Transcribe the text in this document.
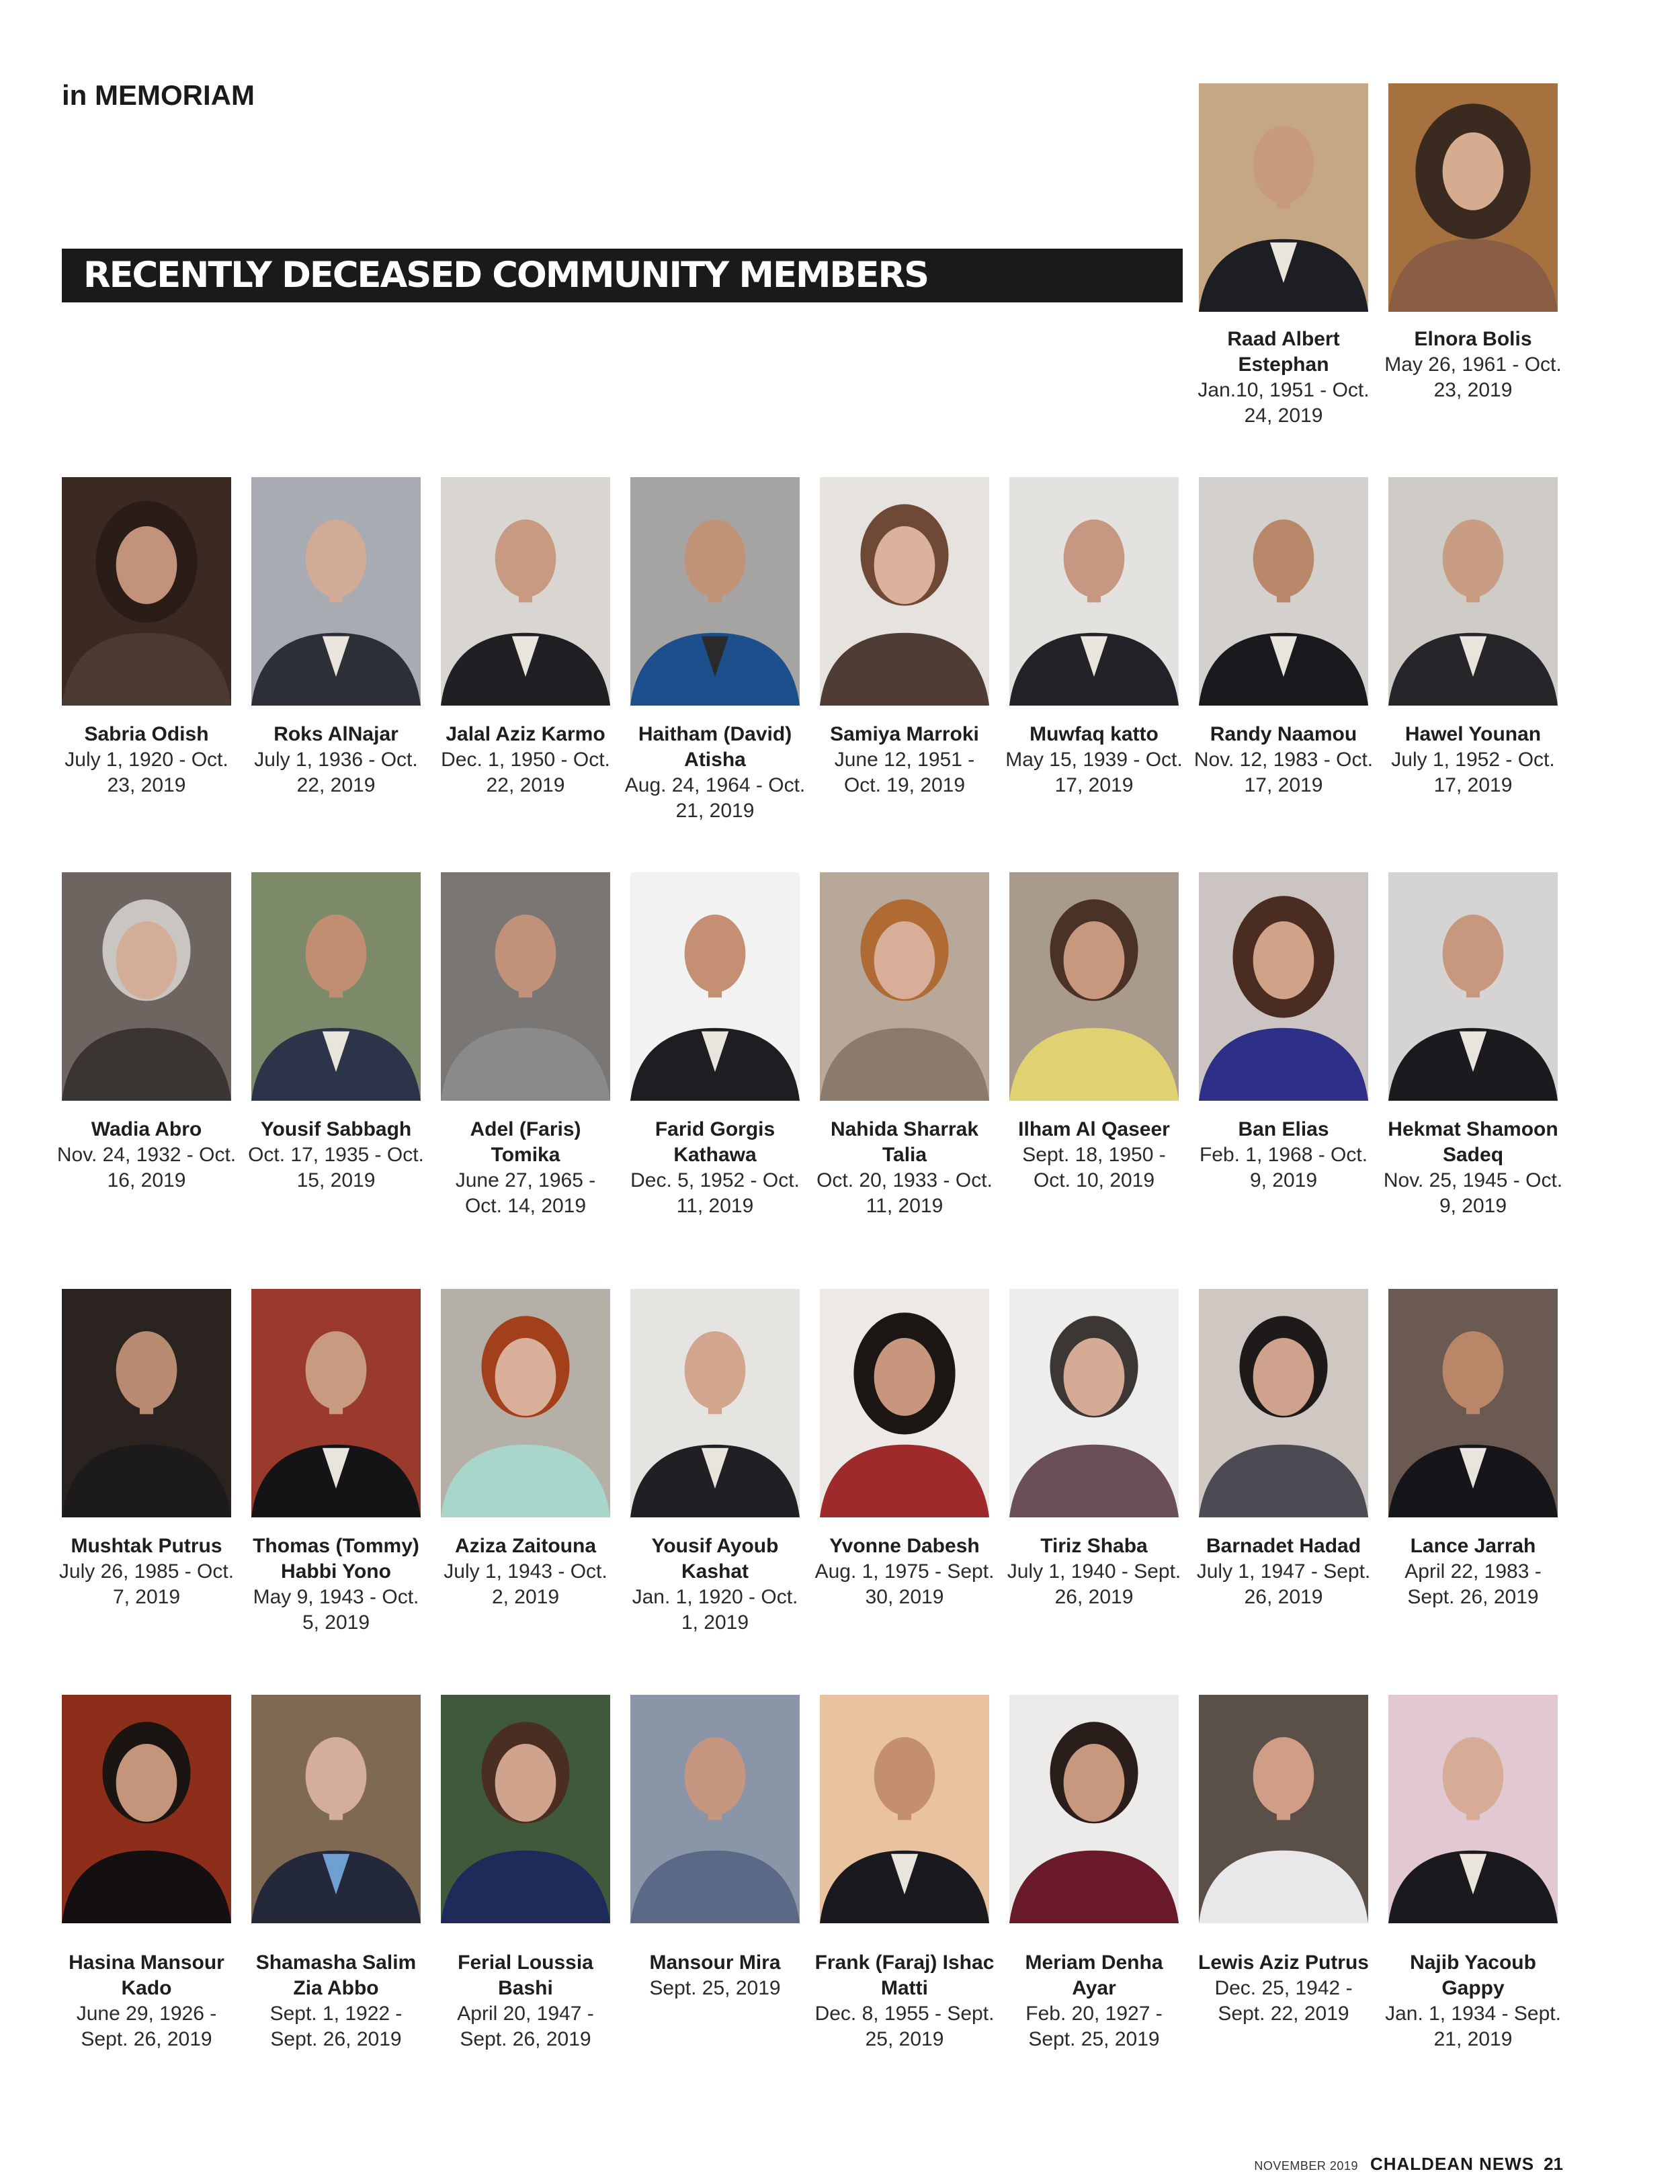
in MEMORIAM
RECENTLY DECEASED COMMUNITY MEMBERS
Raad Albert Estephan
Jan.10, 1951 - Oct. 24, 2019
Elnora Bolis
May 26, 1961 - Oct. 23, 2019
Sabria Odish
July 1, 1920 - Oct. 23, 2019
Roks AlNajar
July 1, 1936 - Oct. 22, 2019
Jalal Aziz Karmo
Dec. 1, 1950 - Oct. 22, 2019
Haitham (David) Atisha
Aug. 24, 1964 - Oct. 21, 2019
Samiya Marroki
June 12, 1951 - Oct. 19, 2019
Muwfaq katto
May 15, 1939 - Oct. 17, 2019
Randy Naamou
Nov. 12, 1983 - Oct. 17, 2019
Hawel Younan
July 1, 1952 - Oct. 17, 2019
Wadia Abro
Nov. 24, 1932 - Oct. 16, 2019
Yousif Sabbagh
Oct. 17, 1935 - Oct. 15, 2019
Adel (Faris) Tomika
June 27, 1965 - Oct. 14, 2019
Farid Gorgis Kathawa
Dec. 5, 1952 - Oct. 11, 2019
Nahida Sharrak Talia
Oct. 20, 1933 - Oct. 11, 2019
Ilham Al Qaseer
Sept. 18, 1950 - Oct. 10, 2019
Ban Elias
Feb. 1, 1968 - Oct. 9, 2019
Hekmat Shamoon Sadeq
Nov. 25, 1945 - Oct. 9, 2019
Mushtak Putrus
July 26, 1985 - Oct. 7, 2019
Thomas (Tommy) Habbi Yono
May 9, 1943 - Oct. 5, 2019
Aziza Zaitouna
July 1, 1943 - Oct. 2, 2019
Yousif Ayoub Kashat
Jan. 1, 1920 - Oct. 1, 2019
Yvonne Dabesh
Aug. 1, 1975 - Sept. 30, 2019
Tiriz Shaba
July 1, 1940 - Sept. 26, 2019
Barnadet Hadad
July 1, 1947 - Sept. 26, 2019
Lance Jarrah
April 22, 1983 - Sept. 26, 2019
Hasina Mansour Kado
June 29, 1926 - Sept. 26, 2019
Shamasha Salim Zia Abbo
Sept. 1, 1922 - Sept. 26, 2019
Ferial Loussia Bashi
April 20, 1947 - Sept. 26, 2019
Mansour Mira
Sept. 25, 2019
Frank (Faraj) Ishac Matti
Dec. 8, 1955 - Sept. 25, 2019
Meriam Denha Ayar
Feb. 20, 1927 - Sept. 25, 2019
Lewis Aziz Putrus
Dec. 25, 1942 - Sept. 22, 2019
Najib Yacoub Gappy
Jan. 1, 1934 - Sept. 21, 2019
NOVEMBER 2019 CHALDEAN NEWS 21
